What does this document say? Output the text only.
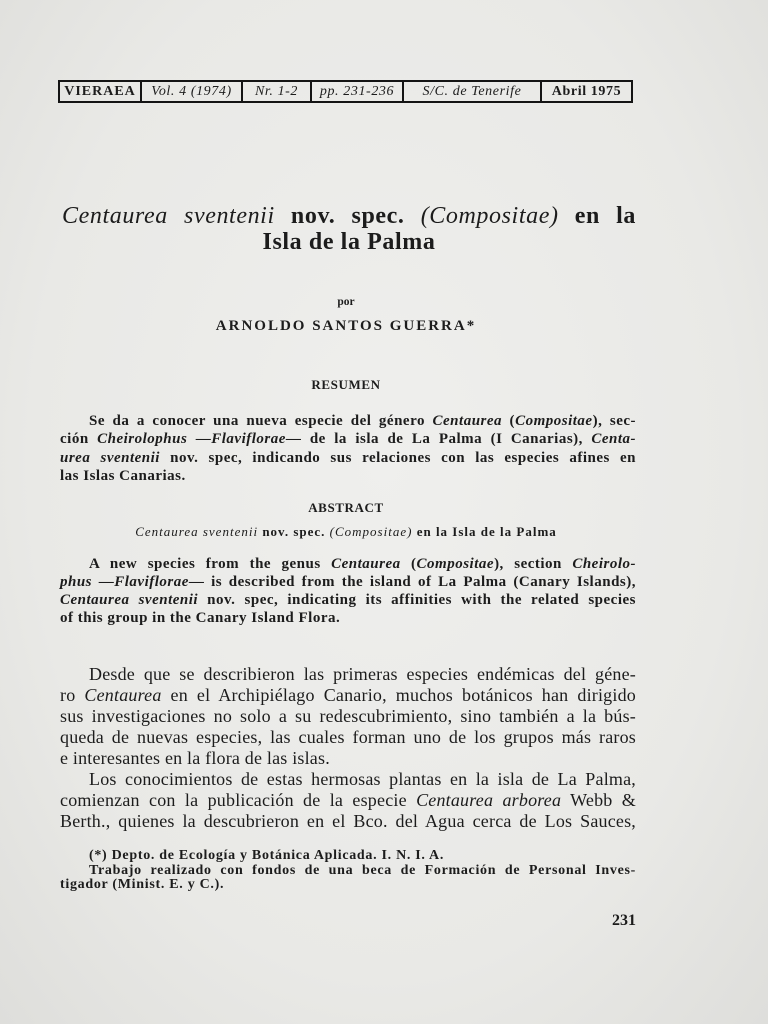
VIERAEA	Vol. 4 (1974)	Nr. 1-2	pp. 231-236	S/C. de Tenerife	Abril 1975
Centaurea sventenii nov. spec. (Compositae) en la
Isla de la Palma
por
ARNOLDO SANTOS GUERRA*
RESUMEN
Se da a conocer una nueva especie del género Centaurea (Compositae), sec-
ción Cheirolophus —Flaviflorae— de la isla de La Palma (I Canarias), Centa-
urea sventenii nov. spec, indicando sus relaciones con las especies afines en
las Islas Canarias.
ABSTRACT
Centaurea sventenii nov. spec. (Compositae) en la Isla de la Palma
A new species from the genus Centaurea (Compositae), section Cheirolo-
phus —Flaviflorae— is described from the island of La Palma (Canary Islands),
Centaurea sventenii nov. spec, indicating its affinities with the related species
of this group in the Canary Island Flora.
Desde que se describieron las primeras especies endémicas del géne-
ro Centaurea en el Archipiélago Canario, muchos botánicos han dirigido
sus investigaciones no solo a su redescubrimiento, sino también a la bús-
queda de nuevas especies, las cuales forman uno de los grupos más raros
e interesantes en la flora de las islas.
Los conocimientos de estas hermosas plantas en la isla de La Palma,
comienzan con la publicación de la especie Centaurea arborea Webb &
Berth., quienes la descubrieron en el Bco. del Agua cerca de Los Sauces,
(*) Depto. de Ecología y Botánica Aplicada. I. N. I. A.
Trabajo realizado con fondos de una beca de Formación de Personal Inves-
tigador (Minist. E. y C.).
231
